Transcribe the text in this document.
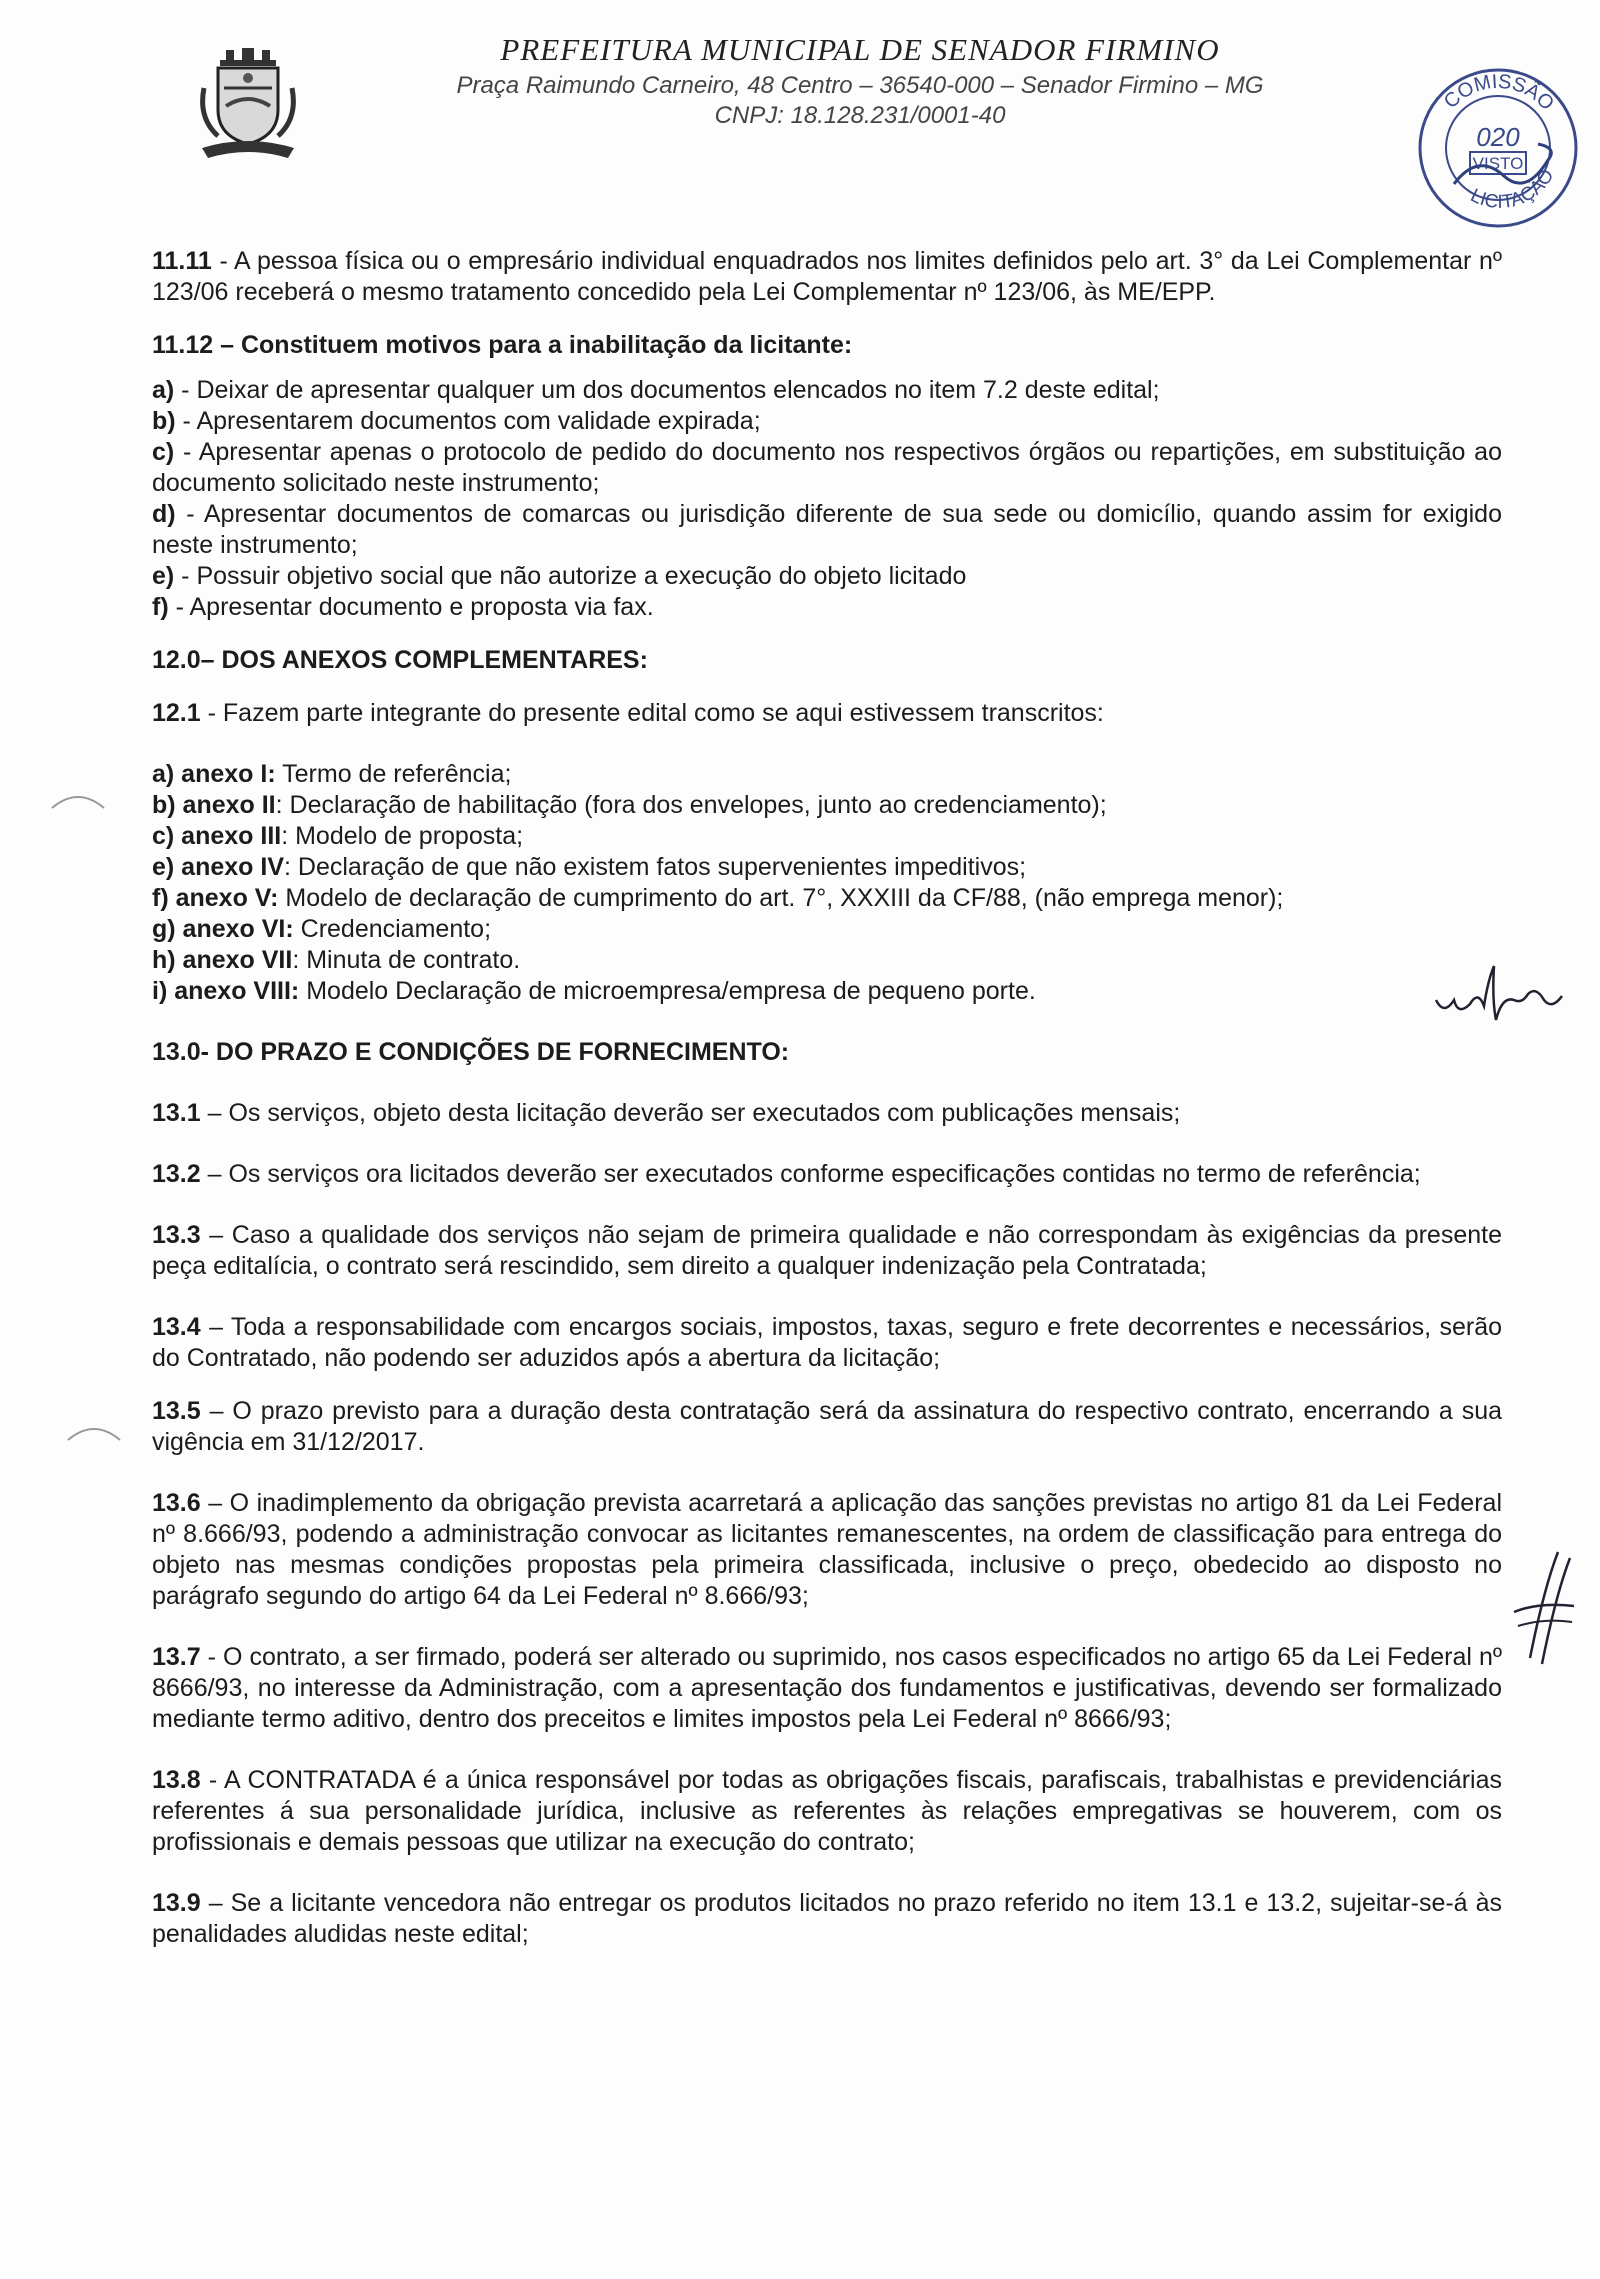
PREFEITURA MUNICIPAL DE SENADOR FIRMINO
Praça Raimundo Carneiro, 48 Centro – 36540-000 – Senador Firmino – MG
CNPJ: 18.128.231/0001-40
COMISSÃO
020
VISTO
LICITAÇÃO

11.11 - A pessoa física ou o empresário individual enquadrados nos limites definidos pelo art. 3° da Lei Complementar nº 123/06 receberá o mesmo tratamento concedido pela Lei Complementar nº 123/06, às ME/EPP.

11.12 – Constituem motivos para a inabilitação da licitante:

a) - Deixar de apresentar qualquer um dos documentos elencados no item 7.2 deste edital;

b) - Apresentarem documentos com validade expirada;

c) - Apresentar apenas o protocolo de pedido do documento nos respectivos órgãos ou repartições, em substituição ao documento solicitado neste instrumento;

d) - Apresentar documentos de comarcas ou jurisdição diferente de sua sede ou domicílio, quando assim for exigido neste instrumento;

e) - Possuir objetivo social que não autorize a execução do objeto licitado

f) - Apresentar documento e proposta via fax.

12.0– DOS ANEXOS COMPLEMENTARES:

12.1 - Fazem parte integrante do presente edital como se aqui estivessem transcritos:

a) anexo I: Termo de referência;

b) anexo II: Declaração de habilitação (fora dos envelopes, junto ao credenciamento);

c) anexo III: Modelo de proposta;

e) anexo IV: Declaração de que não existem fatos supervenientes impeditivos;

f) anexo V: Modelo de declaração de cumprimento do art. 7°, XXXIII da CF/88, (não emprega menor);

g) anexo VI: Credenciamento;

h) anexo VII: Minuta de contrato.

i) anexo VIII: Modelo Declaração de microempresa/empresa de pequeno porte.

13.0- DO PRAZO E CONDIÇÕES DE FORNECIMENTO:

13.1 – Os serviços, objeto desta licitação deverão ser executados com publicações mensais;

13.2 – Os serviços ora licitados deverão ser executados conforme especificações contidas no termo de referência;

13.3 – Caso a qualidade dos serviços não sejam de primeira qualidade e não correspondam às exigências da presente peça editalícia, o contrato será rescindido, sem direito a qualquer indenização pela Contratada;

13.4 – Toda a responsabilidade com encargos sociais, impostos, taxas, seguro e frete decorrentes e necessários, serão do Contratado, não podendo ser aduzidos após a abertura da licitação;

13.5 – O prazo previsto para a duração desta contratação será da assinatura do respectivo contrato, encerrando a sua vigência em 31/12/2017.

13.6 – O inadimplemento da obrigação prevista acarretará a aplicação das sanções previstas no artigo 81 da Lei Federal nº 8.666/93, podendo a administração convocar as licitantes remanescentes, na ordem de classificação para entrega do objeto nas mesmas condições propostas pela primeira classificada, inclusive o preço, obedecido ao disposto no parágrafo segundo do artigo 64 da Lei Federal nº 8.666/93;

13.7 - O contrato, a ser firmado, poderá ser alterado ou suprimido, nos casos especificados no artigo 65 da Lei Federal nº 8666/93, no interesse da Administração, com a apresentação dos fundamentos e justificativas, devendo ser formalizado mediante termo aditivo, dentro dos preceitos e limites impostos pela Lei Federal nº 8666/93;

13.8 - A CONTRATADA é a única responsável por todas as obrigações fiscais, parafiscais, trabalhistas e previdenciárias referentes á sua personalidade jurídica, inclusive as referentes às relações empregativas se houverem, com os profissionais e demais pessoas que utilizar na execução do contrato;

13.9 – Se a licitante vencedora não entregar os produtos licitados no prazo referido no item 13.1 e 13.2, sujeitar-se-á às penalidades aludidas neste edital;
